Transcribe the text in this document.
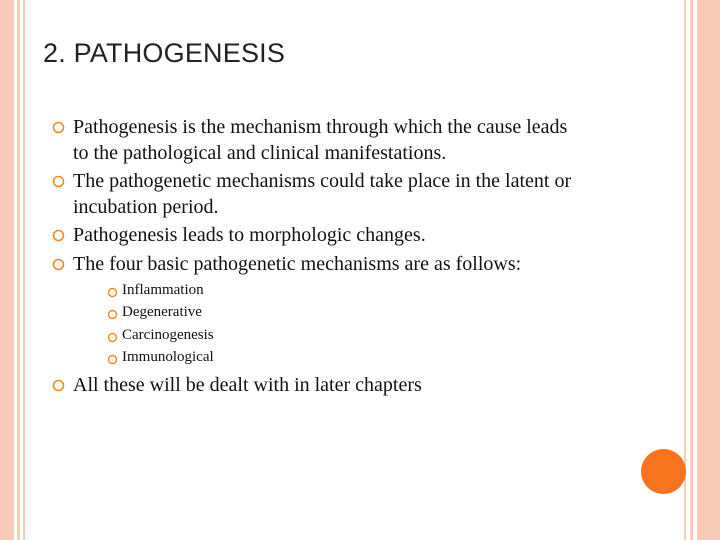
2. PATHOGENESIS
Pathogenesis is the mechanism through which the cause leads
to the pathological and clinical manifestations.
The pathogenetic mechanisms could take place in the latent or
incubation period.
Pathogenesis leads to morphologic changes.
The four basic pathogenetic mechanisms are as follows:
Inflammation
Degenerative
Carcinogenesis
Immunological
All these will be dealt with in later chapters
